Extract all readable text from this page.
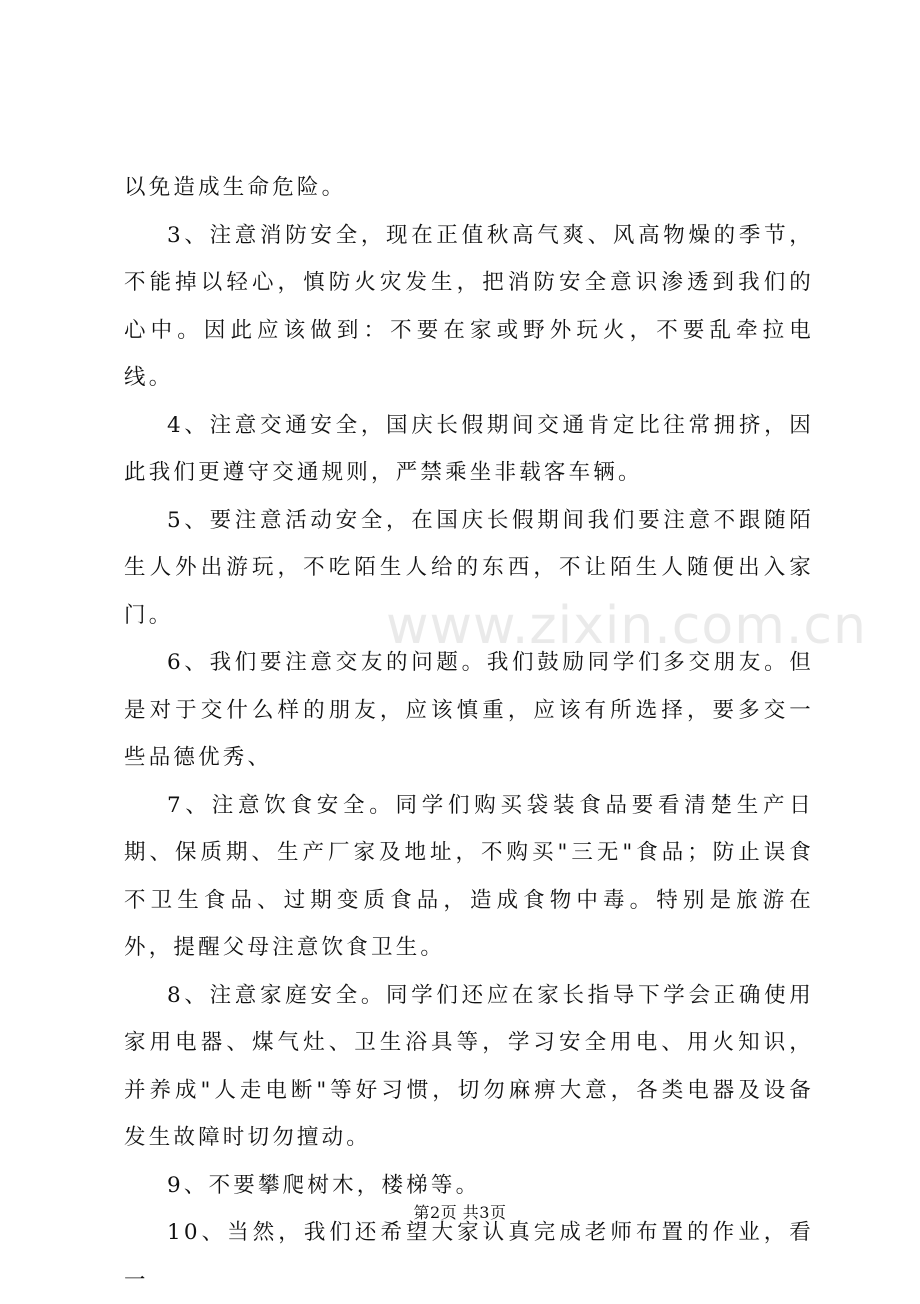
以免造成生命危险。

3、注意消防安全，现在正值秋高气爽、风高物燥的季节，不能掉以轻心，慎防火灾发生，把消防安全意识渗透到我们的心中。因此应该做到：不要在家或野外玩火，不要乱牵拉电线。

4、注意交通安全，国庆长假期间交通肯定比往常拥挤，因此我们更遵守交通规则，严禁乘坐非载客车辆。

5、要注意活动安全，在国庆长假期间我们要注意不跟随陌生人外出游玩，不吃陌生人给的东西，不让陌生人随便出入家门。

6、我们要注意交友的问题。我们鼓励同学们多交朋友。但是对于交什么样的朋友，应该慎重，应该有所选择，要多交一些品德优秀、

7、注意饮食安全。同学们购买袋装食品要看清楚生产日期、保质期、生产厂家及地址，不购买"三无"食品；防止误食不卫生食品、过期变质食品，造成食物中毒。特别是旅游在外，提醒父母注意饮食卫生。

8、注意家庭安全。同学们还应在家长指导下学会正确使用家用电器、煤气灶、卫生浴具等，学习安全用电、用火知识，并养成"人走电断"等好习惯，切勿麻痹大意，各类电器及设备发生故障时切勿擅动。

9、不要攀爬树木，楼梯等。

10、当然，我们还希望大家认真完成老师布置的作业，看一

www.zixin.com.cn
第2页 共3页
